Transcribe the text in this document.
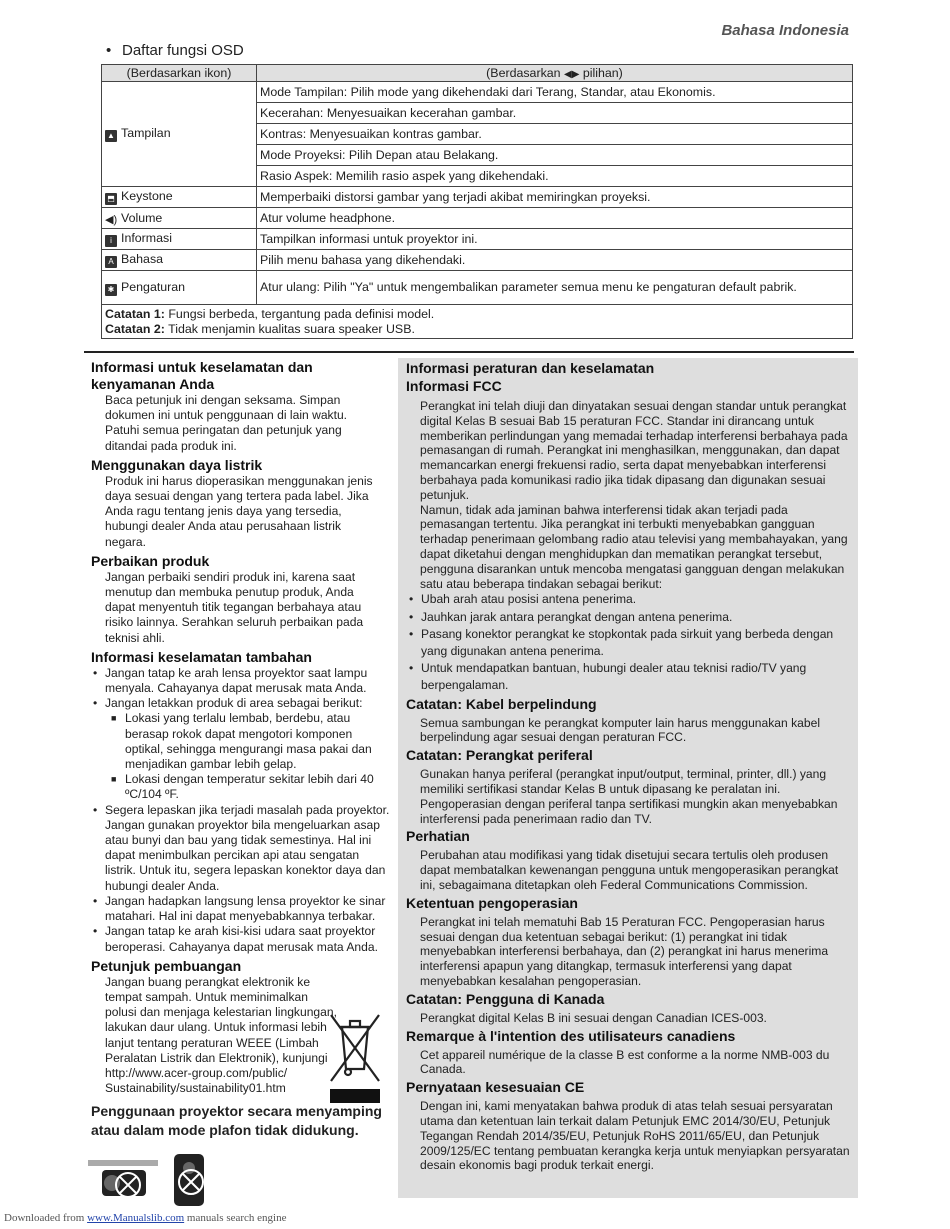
Bahasa Indonesia
• Daftar fungsi OSD
(Berdasarkan ikon)	(Berdasarkan ◀▶ pilihan)
▲ Tampilan	Mode Tampilan: Pilih mode yang dikehendaki dari Terang, Standar, atau Ekonomis.
	Kecerahan: Menyesuaikan kecerahan gambar.
	Kontras: Menyesuaikan kontras gambar.
	Mode Proyeksi: Pilih Depan atau Belakang.
	Rasio Aspek: Memilih rasio aspek yang dikehendaki.
⬒ Keystone	Memperbaiki distorsi gambar yang terjadi akibat memiringkan proyeksi.
◀) Volume	Atur volume headphone.
i Informasi	Tampilkan informasi untuk proyektor ini.
A Bahasa	Pilih menu bahasa yang dikehendaki.
✱ Pengaturan	Atur ulang: Pilih "Ya" untuk mengembalikan parameter semua menu ke pengaturan default pabrik.

Catatan 1: Fungsi berbeda, tergantung pada definisi model.
Catatan 2: Tidak menjamin kualitas suara speaker USB.	
Informasi untuk keselamatan dan kenyamanan Anda
Baca petunjuk ini dengan seksama. Simpan dokumen ini untuk penggunaan di lain waktu. Patuhi semua peringatan dan petunjuk yang ditandai pada produk ini.
Menggunakan daya listrik
Produk ini harus dioperasikan menggunakan jenis daya sesuai dengan yang tertera pada label. Jika Anda ragu tentang jenis daya yang tersedia, hubungi dealer Anda atau perusahaan listrik negara.
Perbaikan produk
Jangan perbaiki sendiri produk ini, karena saat menutup dan membuka penutup produk, Anda dapat menyentuh titik tegangan berbahaya atau risiko lainnya. Serahkan seluruh perbaikan pada teknisi ahli.
Informasi keselamatan tambahan
• Jangan tatap ke arah lensa proyektor saat lampu menyala. Cahayanya dapat merusak mata Anda.
• Jangan letakkan produk di area sebagai berikut:
■ Lokasi yang terlalu lembab, berdebu, atau berasap rokok dapat mengotori komponen optikal, sehingga mengurangi masa pakai dan menjadikan gambar lebih gelap.
■ Lokasi dengan temperatur sekitar lebih dari 40 ºC/104 ºF.
• Segera lepaskan jika terjadi masalah pada proyektor. Jangan gunakan proyektor bila mengeluarkan asap atau bunyi dan bau yang tidak semestinya. Hal ini dapat menimbulkan percikan api atau sengatan listrik. Untuk itu, segera lepaskan konektor daya dan hubungi dealer Anda.
• Jangan hadapkan langsung lensa proyektor ke sinar matahari. Hal ini dapat menyebabkannya terbakar.
• Jangan tatap ke arah kisi-kisi udara saat proyektor beroperasi. Cahayanya dapat merusak mata Anda.
Petunjuk pembuangan
Jangan buang perangkat elektronik ke tempat sampah. Untuk meminimalkan polusi dan menjaga kelestarian lingkungan, lakukan daur ulang. Untuk informasi lebih lanjut tentang peraturan WEEE (Limbah Peralatan Listrik dan Elektronik), kunjungi http://www.acer-group.com/public/ Sustainability/sustainability01.htm
Penggunaan proyektor secara menyamping atau dalam mode plafon tidak didukung.
Informasi peraturan dan keselamatan
Informasi FCC
Perangkat ini telah diuji dan dinyatakan sesuai dengan standar untuk perangkat digital Kelas B sesuai Bab 15 peraturan FCC. Standar ini dirancang untuk memberikan perlindungan yang memadai terhadap interferensi berbahaya pada pemasangan di rumah. Perangkat ini menghasilkan, menggunakan, dan dapat memancarkan energi frekuensi radio, serta dapat menyebabkan interferensi berbahaya pada komunikasi radio jika tidak dipasang dan digunakan sesuai petunjuk.
Namun, tidak ada jaminan bahwa interferensi tidak akan terjadi pada pemasangan tertentu. Jika perangkat ini terbukti menyebabkan gangguan terhadap penerimaan gelombang radio atau televisi yang membahayakan, yang dapat diketahui dengan menghidupkan dan mematikan perangkat tersebut, pengguna disarankan untuk mencoba mengatasi gangguan dengan melakukan satu atau beberapa tindakan sebagai berikut:
• Ubah arah atau posisi antena penerima.
• Jauhkan jarak antara perangkat dengan antena penerima.
• Pasang konektor perangkat ke stopkontak pada sirkuit yang berbeda dengan yang digunakan antena penerima.
• Untuk mendapatkan bantuan, hubungi dealer atau teknisi radio/TV yang berpengalaman.
Catatan: Kabel berpelindung
Semua sambungan ke perangkat komputer lain harus menggunakan kabel berpelindung agar sesuai dengan peraturan FCC.
Catatan: Perangkat periferal
Gunakan hanya periferal (perangkat input/output, terminal, printer, dll.) yang memiliki sertifikasi standar Kelas B untuk dipasang ke peralatan ini. Pengoperasian dengan periferal tanpa sertifikasi mungkin akan menyebabkan interferensi pada penerimaan radio dan TV.
Perhatian
Perubahan atau modifikasi yang tidak disetujui secara tertulis oleh produsen dapat membatalkan kewenangan pengguna untuk mengoperasikan perangkat ini, sebagaimana ditetapkan oleh Federal Communications Commission.
Ketentuan pengoperasian
Perangkat ini telah mematuhi Bab 15 Peraturan FCC. Pengoperasian harus sesuai dengan dua ketentuan sebagai berikut: (1) perangkat ini tidak menyebabkan interferensi berbahaya, dan (2) perangkat ini harus menerima interferensi apapun yang ditangkap, termasuk interferensi yang dapat menyebabkan kesalahan pengoperasian.
Catatan: Pengguna di Kanada
Perangkat digital Kelas B ini sesuai dengan Canadian ICES-003.
Remarque à l'intention des utilisateurs canadiens
Cet appareil numérique de la classe B est conforme a la norme NMB-003 du Canada.
Pernyataan kesesuaian CE
Dengan ini, kami menyatakan bahwa produk di atas telah sesuai persyaratan utama dan ketentuan lain terkait dalam Petunjuk EMC 2014/30/EU, Petunjuk Tegangan Rendah 2014/35/EU, Petunjuk RoHS 2011/65/EU, dan Petunjuk 2009/125/EC tentang pembuatan kerangka kerja untuk menyiapkan persyaratan desain ekonomis bagi produk terkait energi.
Downloaded from www.Manualslib.com manuals search engine
